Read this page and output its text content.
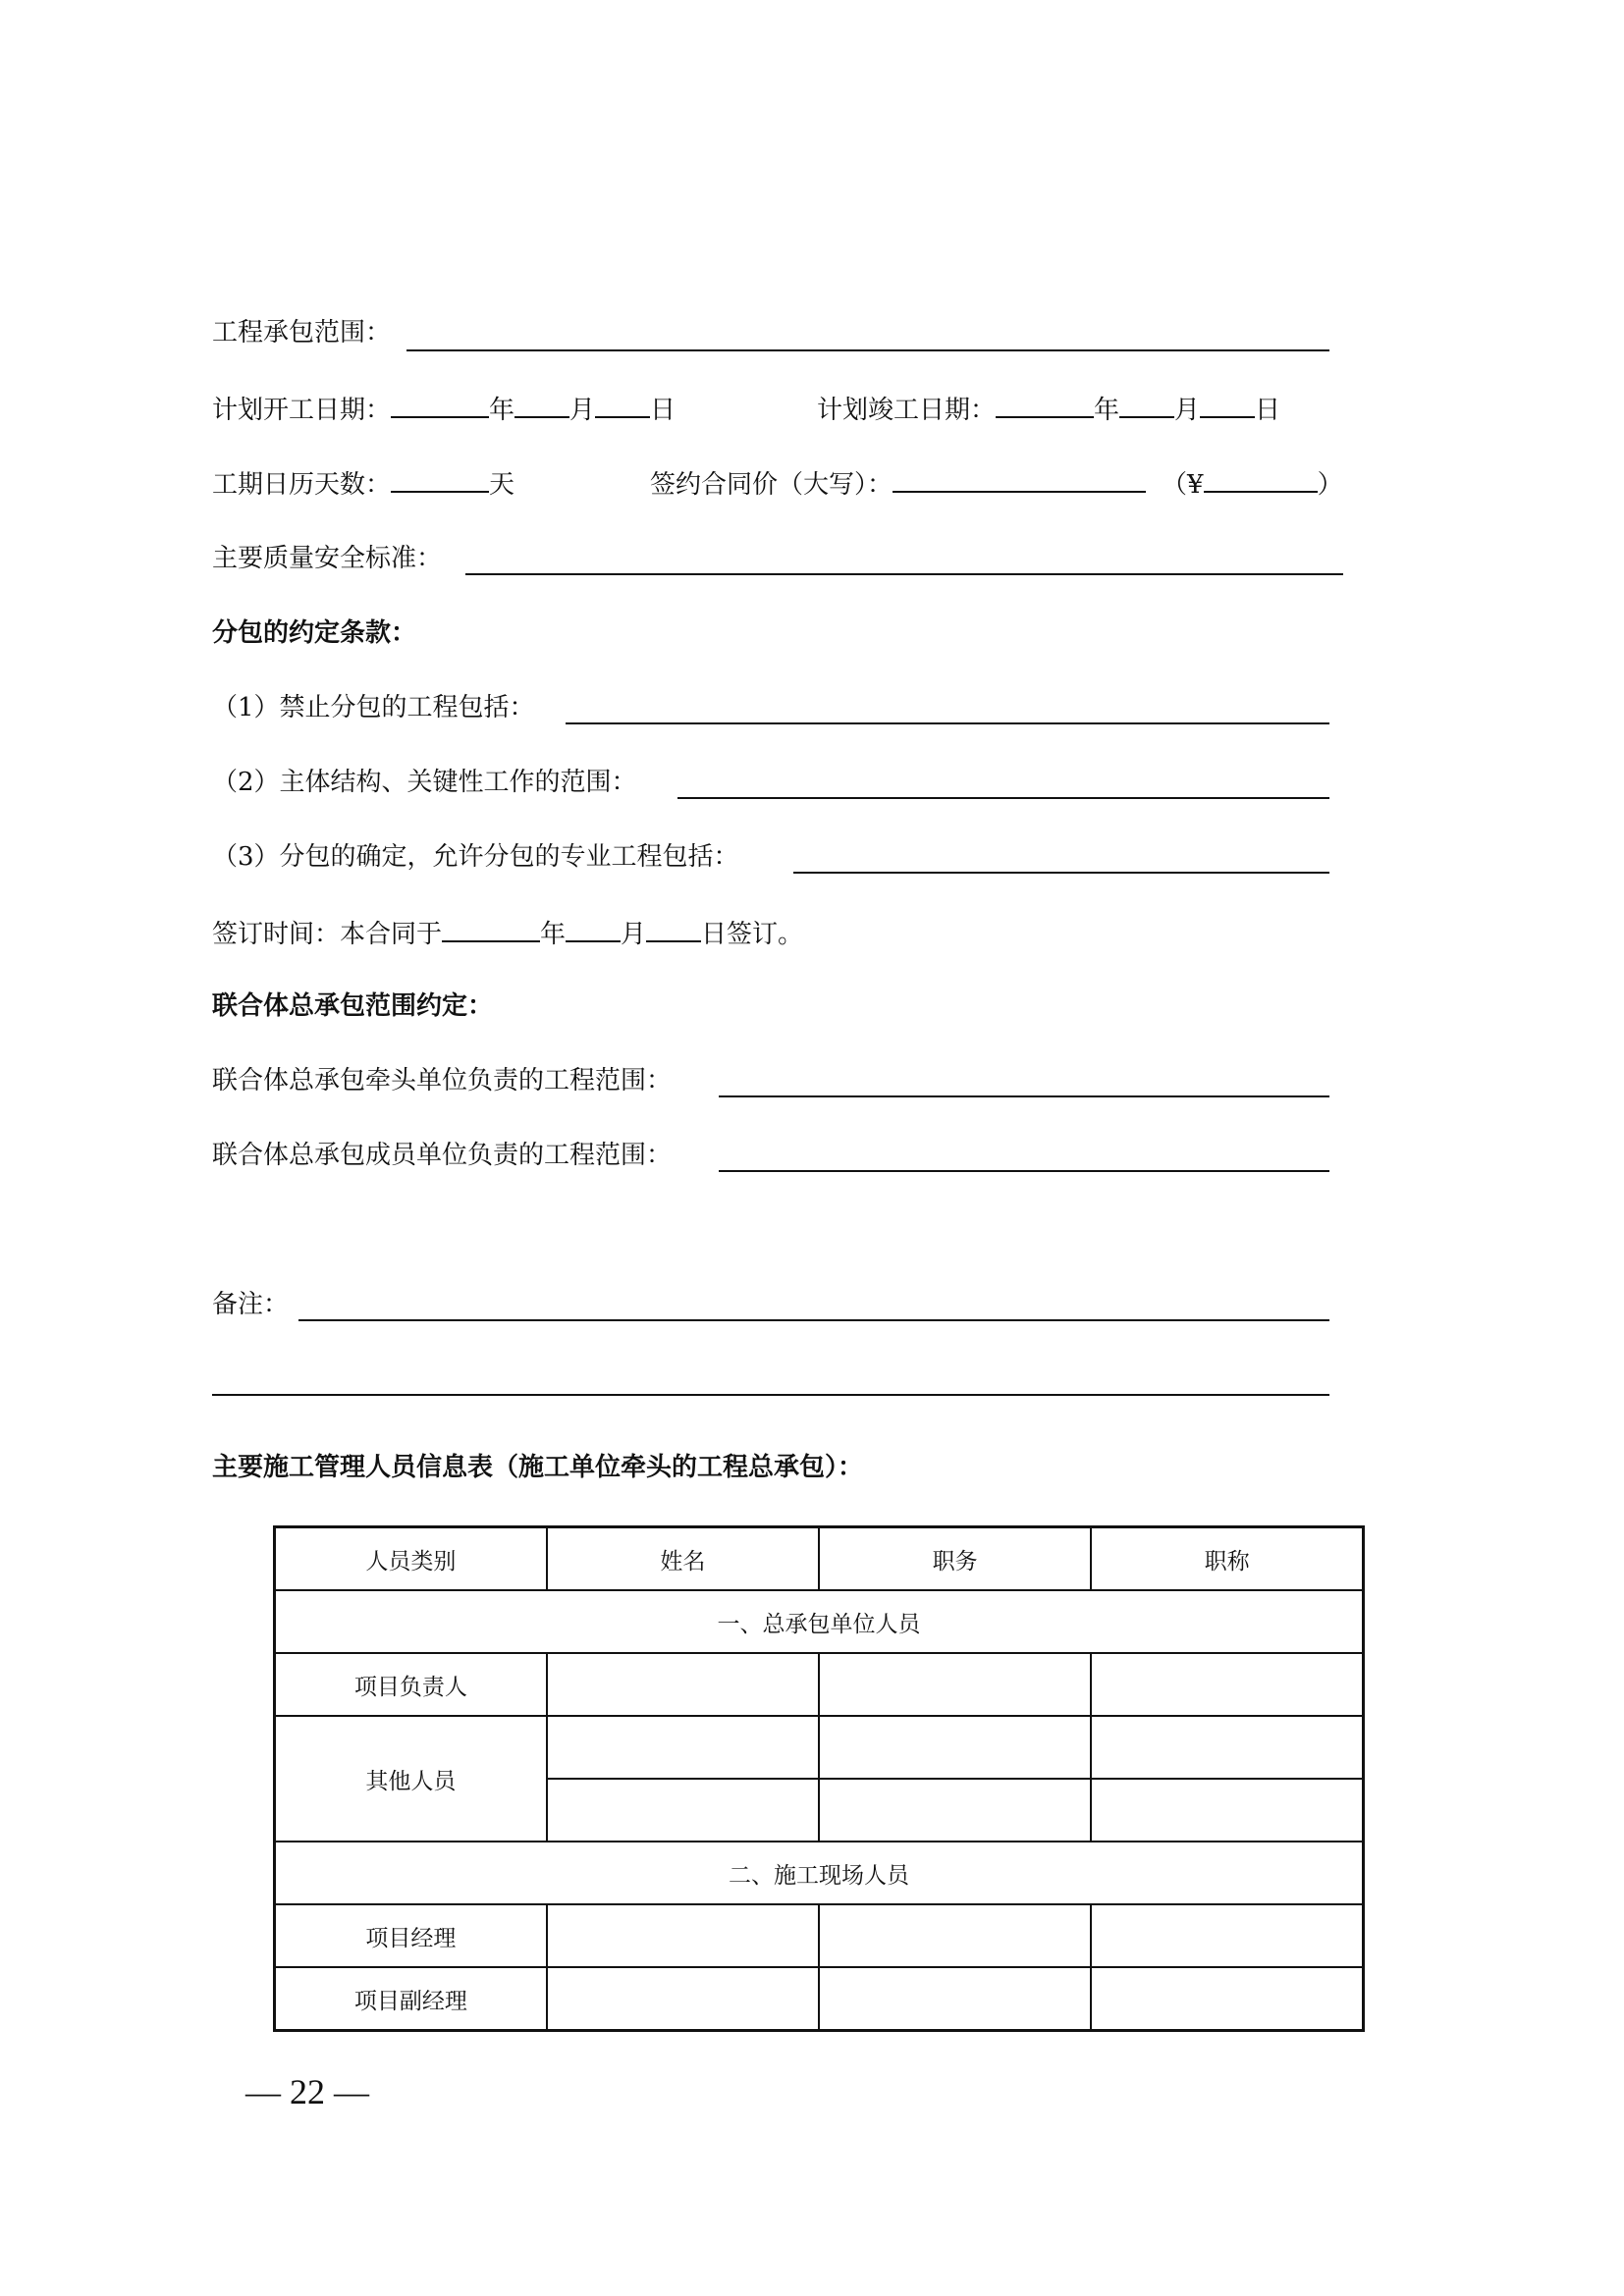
工程承包范围：
计划开工日期：	年 月 日	计划竣工日期：	年 月 日
工期日历天数：	天	签约合同价（大写）：	（¥	）
主要质量安全标准：
分包的约定条款：
（1）禁止分包的工程包括：
（2）主体结构、关键性工作的范围：
（3）分包的确定，允许分包的专业工程包括：
签订时间：本合同于	年 月 日签订。
联合体总承包范围约定：
联合体总承包牵头单位负责的工程范围：
联合体总承包成员单位负责的工程范围：
备注：
主要施工管理人员信息表（施工单位牵头的工程总承包）：
人员类别	姓名	职务	职称
一、总承包单位人员			
项目负责人			
其他人员			

二、施工现场人员			
项目经理			
项目副经理			
— 22 —
